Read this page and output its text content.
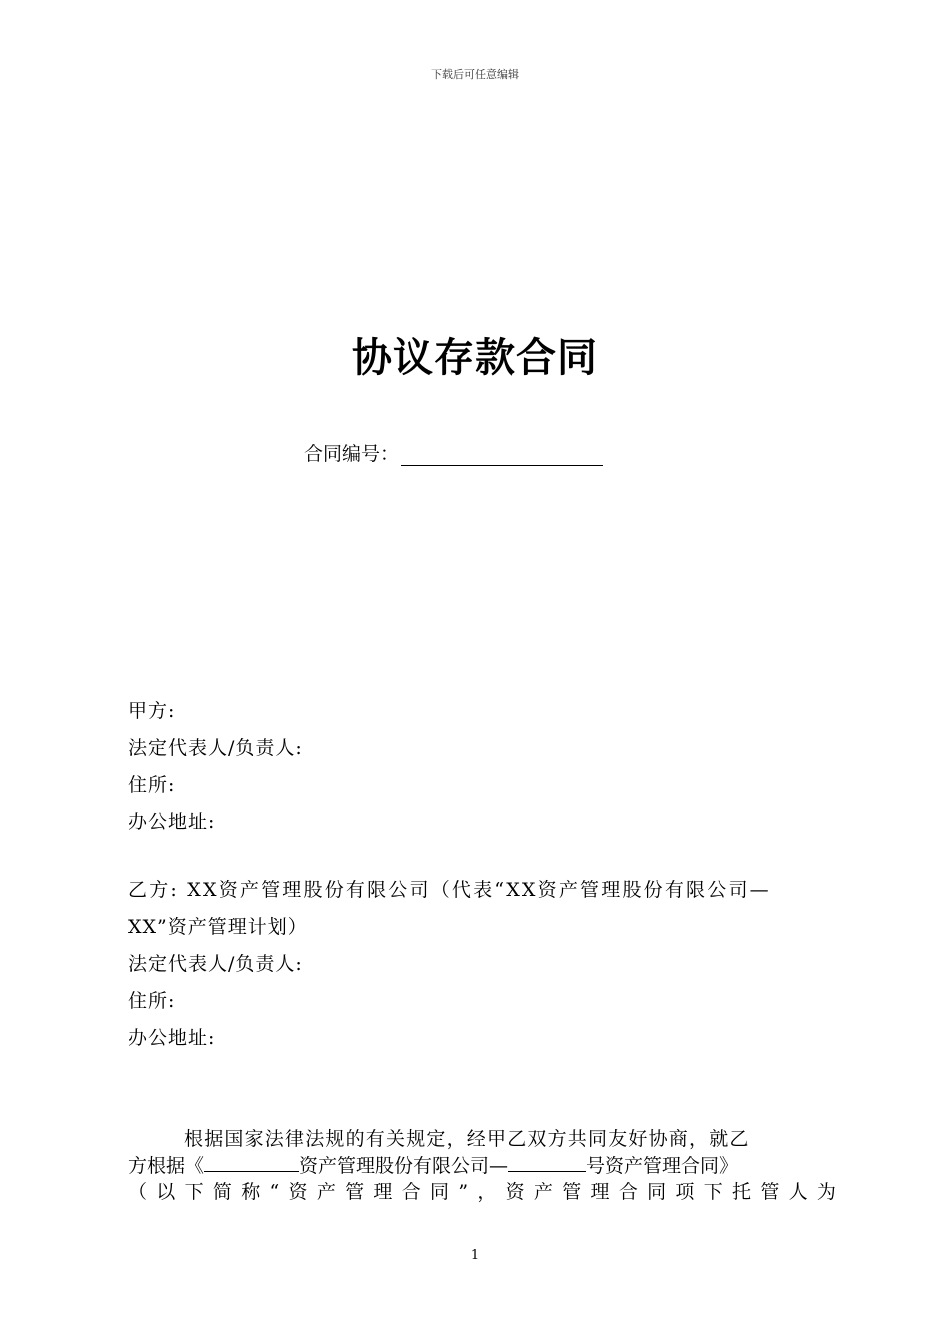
下载后可任意编辑
协议存款合同
合同编号：
甲方:
法定代表人/负责人:
住所:
办公地址:
乙方: XX资产管理股份有限公司（代表“XX资产管理股份有限公司—
XX”资产管理计划）
法定代表人/负责人:
住所:
办公地址:
根据国家法律法规的有关规定，经甲乙双方共同友好协商，就乙
方根据《	资产管理股份有限公司—	号资产管理合同》
（以下简称“资产管理合同”，资产管理合同项下托管人为
1
